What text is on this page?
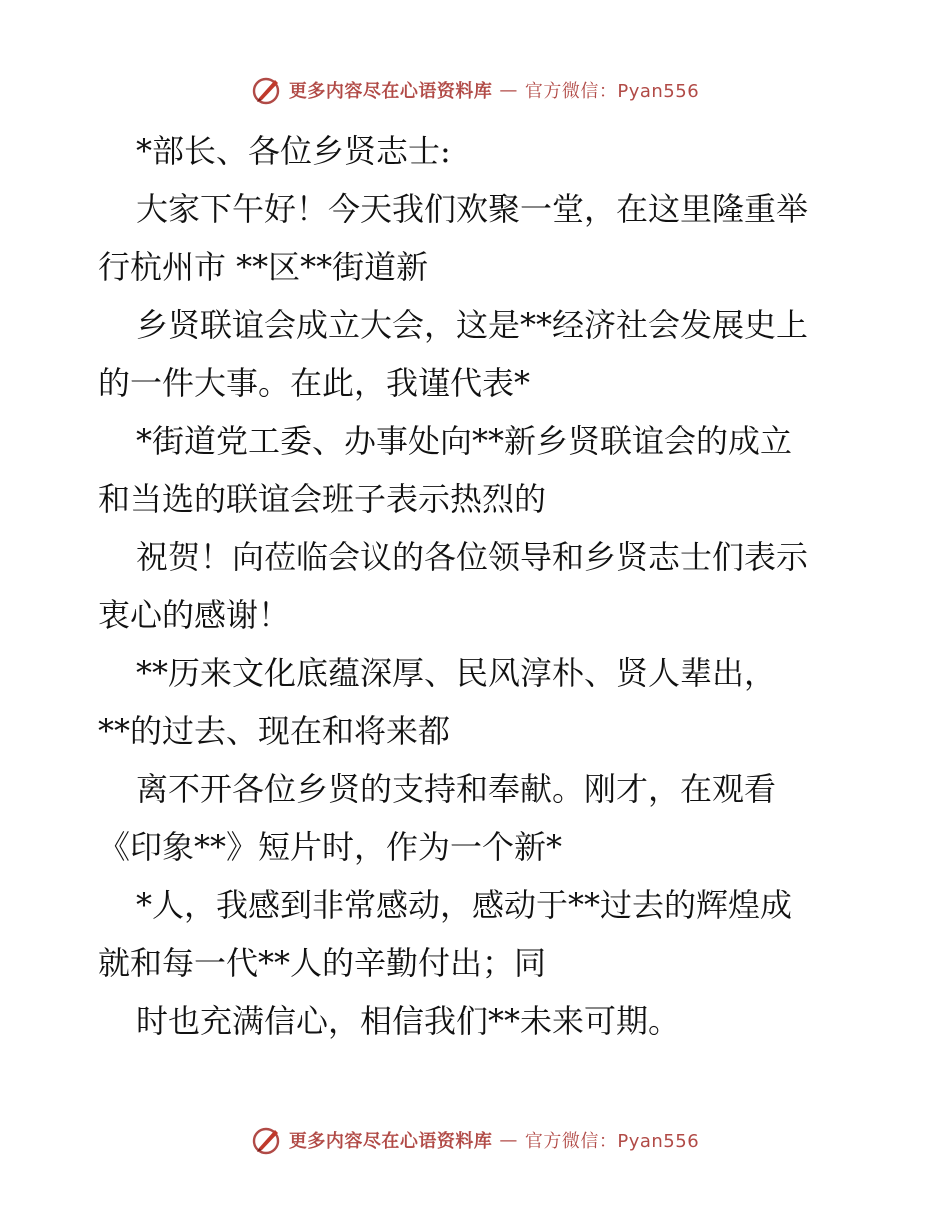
更多内容尽在心语资料库 — 官方微信：Pyan556

*部长、各位乡贤志士:

大家下午好！今天我们欢聚一堂，在这里隆重举
行杭州市 **区**街道新

乡贤联谊会成立大会，这是**经济社会发展史上
的一件大事。在此，我谨代表*

*街道党工委、办事处向**新乡贤联谊会的成立
和当选的联谊会班子表示热烈的

祝贺！向莅临会议的各位领导和乡贤志士们表示
衷心的感谢！

**历来文化底蕴深厚、民风淳朴、贤人辈出，
**的过去、现在和将来都

离不开各位乡贤的支持和奉献。刚才，在观看
《印象**》短片时，作为一个新*

*人，我感到非常感动，感动于**过去的辉煌成
就和每一代**人的辛勤付出；同

时也充满信心，相信我们**未来可期。

更多内容尽在心语资料库 — 官方微信：Pyan556
